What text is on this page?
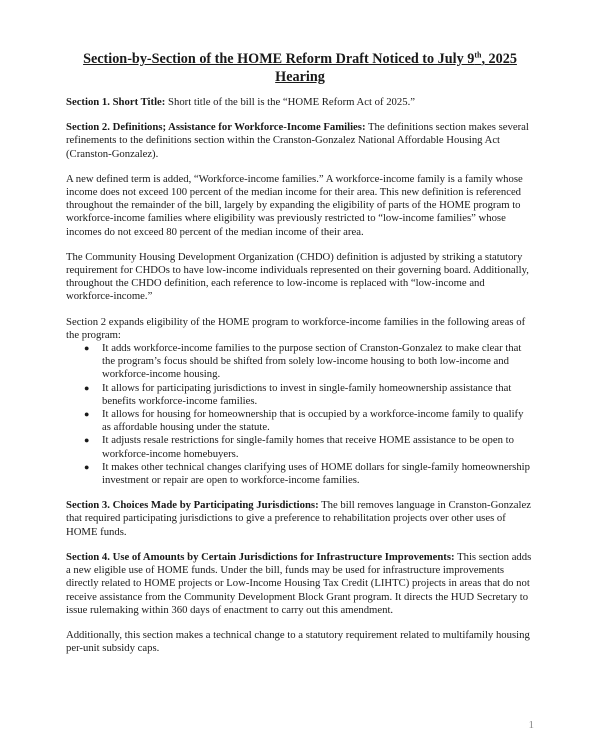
Section-by-Section of the HOME Reform Draft Noticed to July 9th, 2025
Hearing

Section 1. Short Title: Short title of the bill is the “HOME Reform Act of 2025.”

Section 2. Definitions; Assistance for Workforce-Income Families: The definitions section makes several refinements to the definitions section within the Cranston-Gonzalez National Affordable Housing Act (Cranston-Gonzalez).

A new defined term is added, “Workforce-income families.” A workforce-income family is a family whose income does not exceed 100 percent of the median income for their area. This new definition is referenced throughout the remainder of the bill, largely by expanding the eligibility of parts of the HOME program to workforce-income families where eligibility was previously restricted to “low-income families” whose incomes do not exceed 80 percent of the median income of their area.

The Community Housing Development Organization (CHDO) definition is adjusted by striking a statutory requirement for CHDOs to have low-income individuals represented on their governing board. Additionally, throughout the CHDO definition, each reference to low-income is replaced with “low-income and workforce-income.”

Section 2 expands eligibility of the HOME program to workforce-income families in the following areas of the program:

● It adds workforce-income families to the purpose section of Cranston-Gonzalez to make clear that the program’s focus should be shifted from solely low-income housing to both low-income and workforce-income housing.
● It allows for participating jurisdictions to invest in single-family homeownership assistance that benefits workforce-income families.
● It allows for housing for homeownership that is occupied by a workforce-income family to qualify as affordable housing under the statute.
● It adjusts resale restrictions for single-family homes that receive HOME assistance to be open to workforce-income homebuyers.
● It makes other technical changes clarifying uses of HOME dollars for single-family homeownership investment or repair are open to workforce-income families.

Section 3. Choices Made by Participating Jurisdictions: The bill removes language in Cranston-Gonzalez that required participating jurisdictions to give a preference to rehabilitation projects over other uses of HOME funds.

Section 4. Use of Amounts by Certain Jurisdictions for Infrastructure Improvements: This section adds a new eligible use of HOME funds. Under the bill, funds may be used for infrastructure improvements directly related to HOME projects or Low-Income Housing Tax Credit (LIHTC) projects in areas that do not receive assistance from the Community Development Block Grant program. It directs the HUD Secretary to issue rulemaking within 360 days of enactment to carry out this amendment.

Additionally, this section makes a technical change to a statutory requirement related to multifamily housing per-unit subsidy caps.

1
